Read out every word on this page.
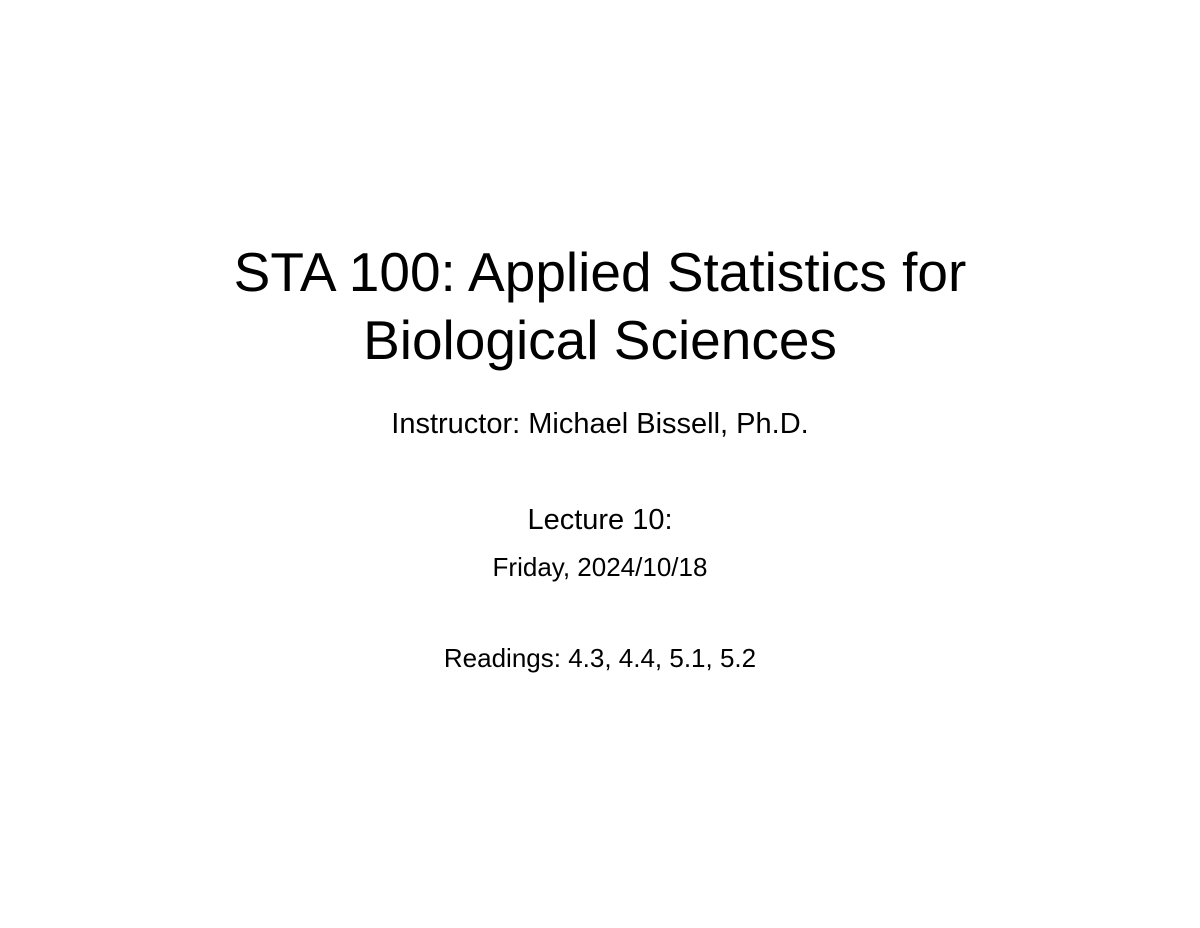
STA 100: Applied Statistics for
Biological Sciences

Instructor: Michael Bissell, Ph.D.

Lecture 10:

Friday, 2024/10/18

Readings: 4.3, 4.4, 5.1, 5.2
